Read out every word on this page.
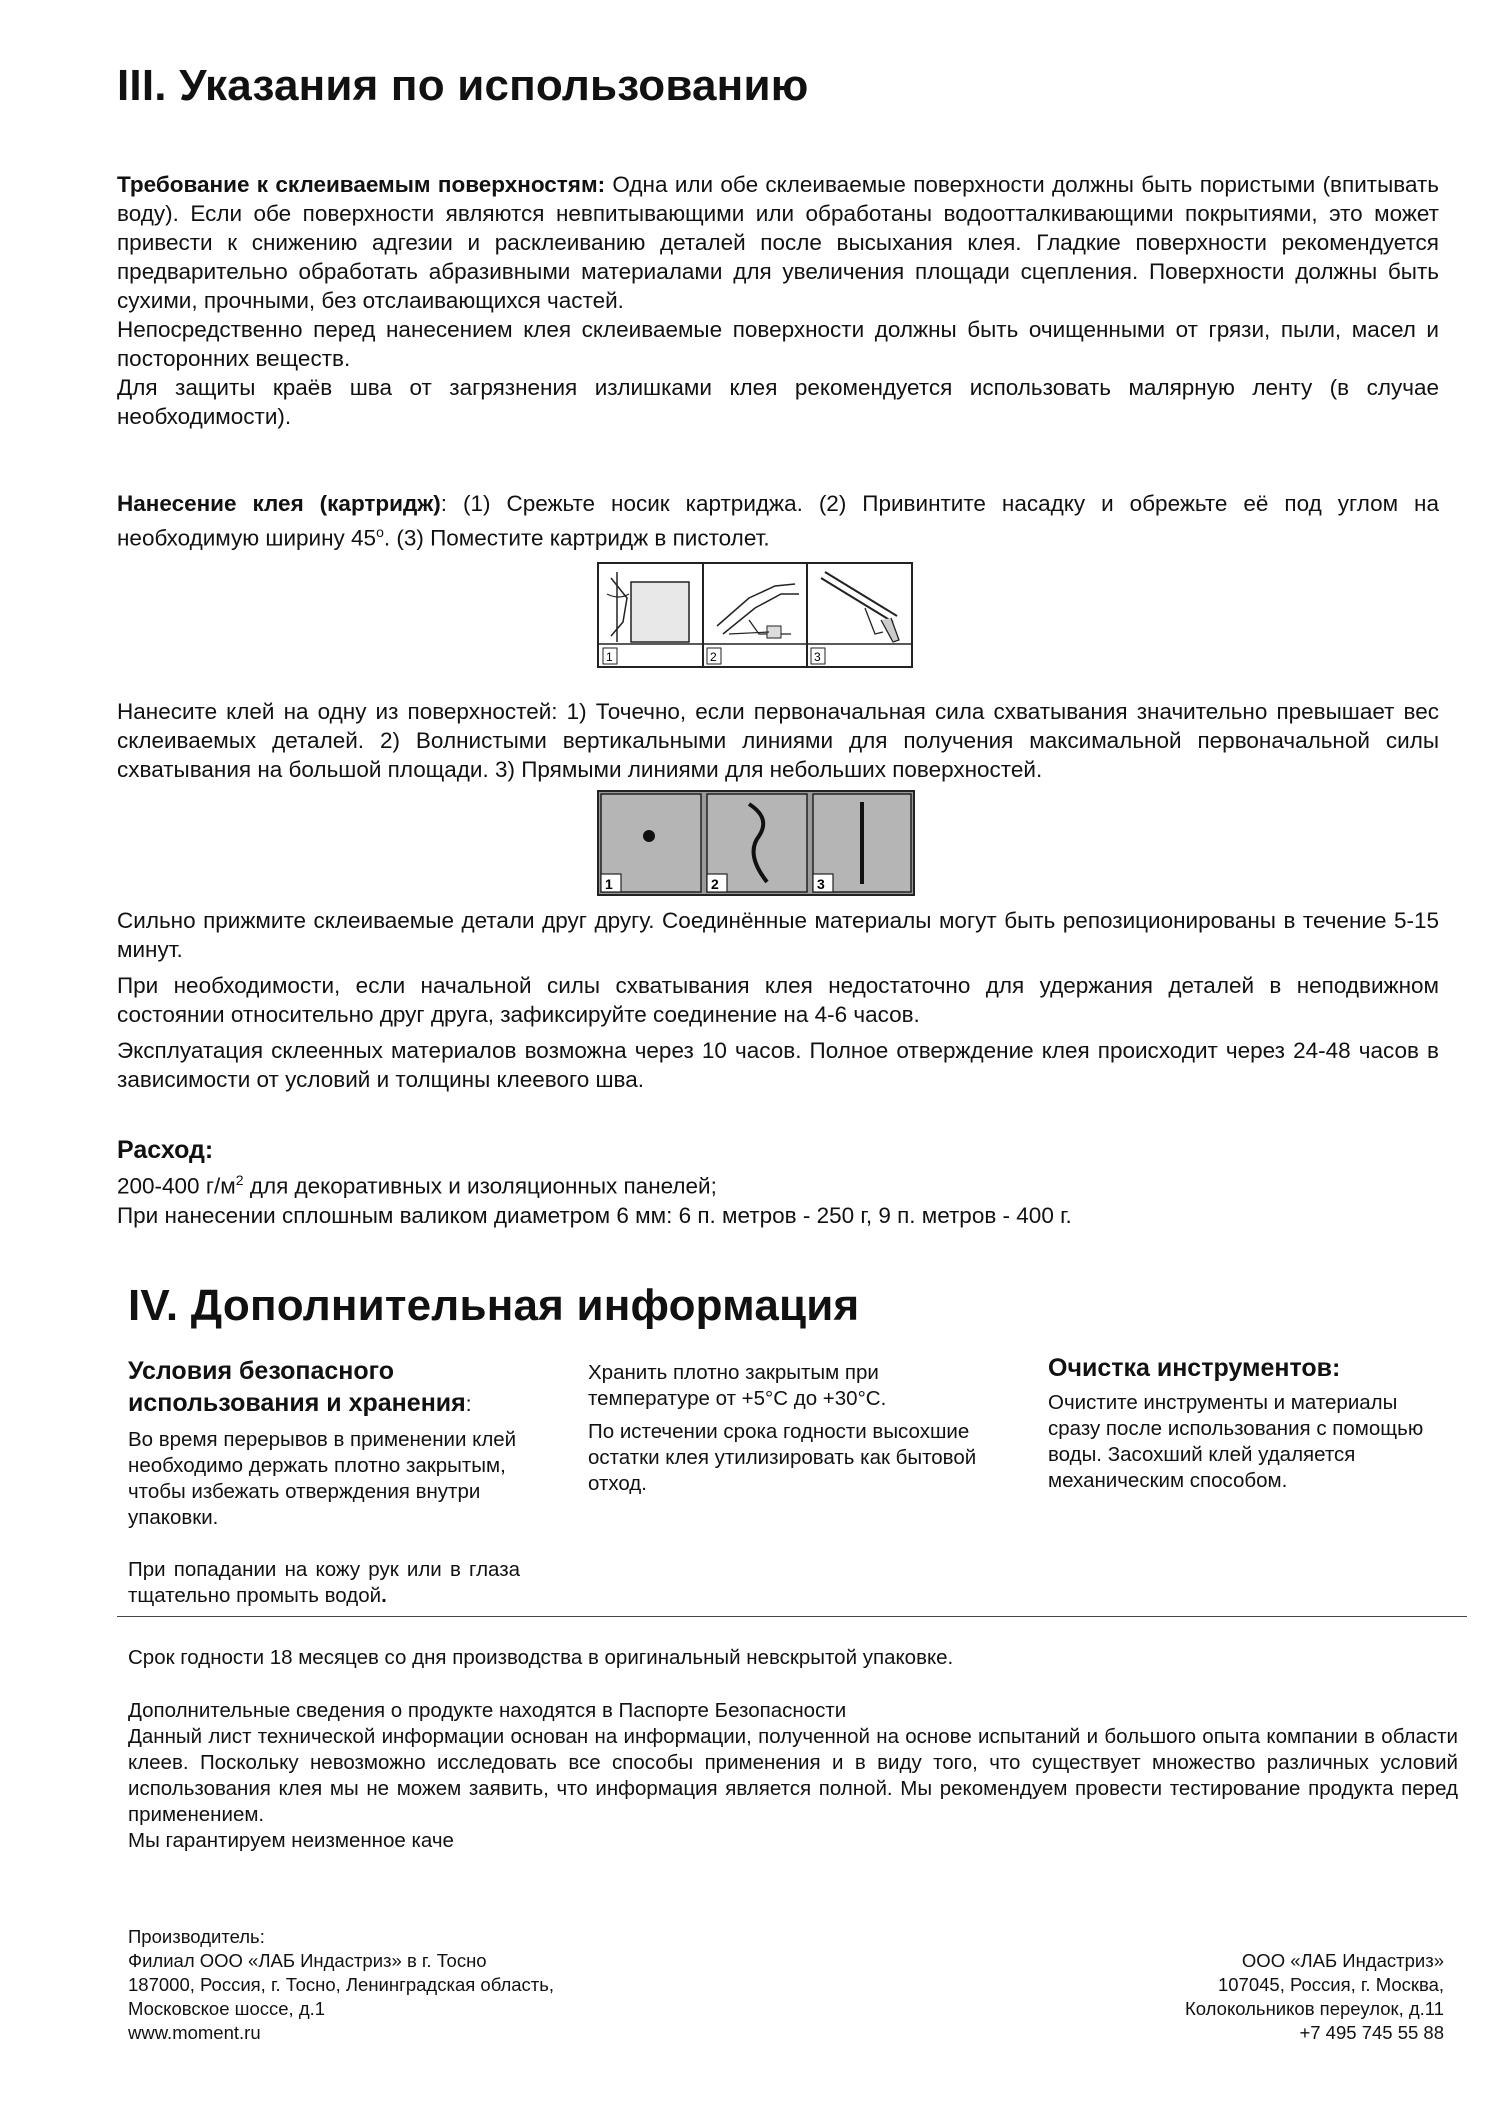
III. Указания по использованию

Требование к склеиваемым поверхностям: Одна или обе склеиваемые поверхности должны быть пористыми (впитывать воду). Если обе поверхности являются невпитывающими или обработаны водоотталкивающими покрытиями, это может привести к снижению адгезии и расклеиванию деталей после высыхания клея. Гладкие поверхности рекомендуется предварительно обработать абразивными материалами для увеличения площади сцепления. Поверхности должны быть сухими, прочными, без отслаивающихся частей.

Непосредственно перед нанесением клея склеиваемые поверхности должны быть очищенными от грязи, пыли, масел и посторонних веществ.

Для защиты краёв шва от загрязнения излишками клея рекомендуется использовать малярную ленту (в случае необходимости).

Нанесение клея (картридж): (1) Срежьте носик картриджа. (2) Привинтите насадку и обрежьте её под углом на необходимую ширину $45^о$. (3) Поместите картридж в пистолет.

1	2	3

Нанесите клей на одну из поверхностей: 1) Точечно, если первоначальная сила схватывания значительно превышает вес склеиваемых деталей. 2) Волнистыми вертикальными линиями для получения максимальной первоначальной силы схватывания на большой площади. 3) Прямыми линиями для небольших поверхностей.

1	2	3

Сильно прижмите склеиваемые детали друг другу. Соединённые материалы могут быть репозиционированы в течение 5-15 минут.

При необходимости, если начальной силы схватывания клея недостаточно для удержания деталей в неподвижном состоянии относительно друг друга, зафиксируйте соединение на 4-6 часов.

Эксплуатация склеенных материалов возможна через 10 часов. Полное отверждение клея происходит через 24-48 часов в зависимости от условий и толщины клеевого шва.

Расход:

200-400 $г/м^2$ для декоративных и изоляционных панелей;

При нанесении сплошным валиком диаметром 6 мм: 6 п. метров - 250 г, 9 п. метров - 400 г.

IV. Дополнительная информация
Условия безопасного использования и хранения:

Во время перерывов в применении клей необходимо держать плотно закрытым, чтобы избежать отверждения внутри упаковки.

При попадании на кожу рук или в глаза тщательно промыть водой.

Хранить плотно закрытым при температуре от +5°C до +30°C.

По истечении срока годности высохшие остатки клея утилизировать как бытовой отход.

Очистка инструментов:

Очистите инструменты и материалы сразу после использования с помощью воды. Засохший клей удаляется механическим способом.

Срок годности 18 месяцев со дня производства в оригинальный невскрытой упаковке.

Дополнительные сведения о продукте находятся в Паспорте Безопасности

Данный лист технической информации основан на информации, полученной на основе испытаний и большого опыта компании в области клеев. Поскольку невозможно исследовать все способы применения и в виду того, что существует множество различных условий использования клея мы не можем заявить, что информация является полной. Мы рекомендуем провести тестирование продукта перед применением.

Мы гарантируем неизменное каче

Производитель:
Филиал ООО «ЛАБ Индастриз» в г. Тосно
187000, Россия, г. Тосно, Ленинградская область,
Московское шоссе, д.1
www.moment.ru
ООО «ЛАБ Индастриз»
107045, Россия, г. Москва,
Колокольников переулок, д.11
+7 495 745 55 88
